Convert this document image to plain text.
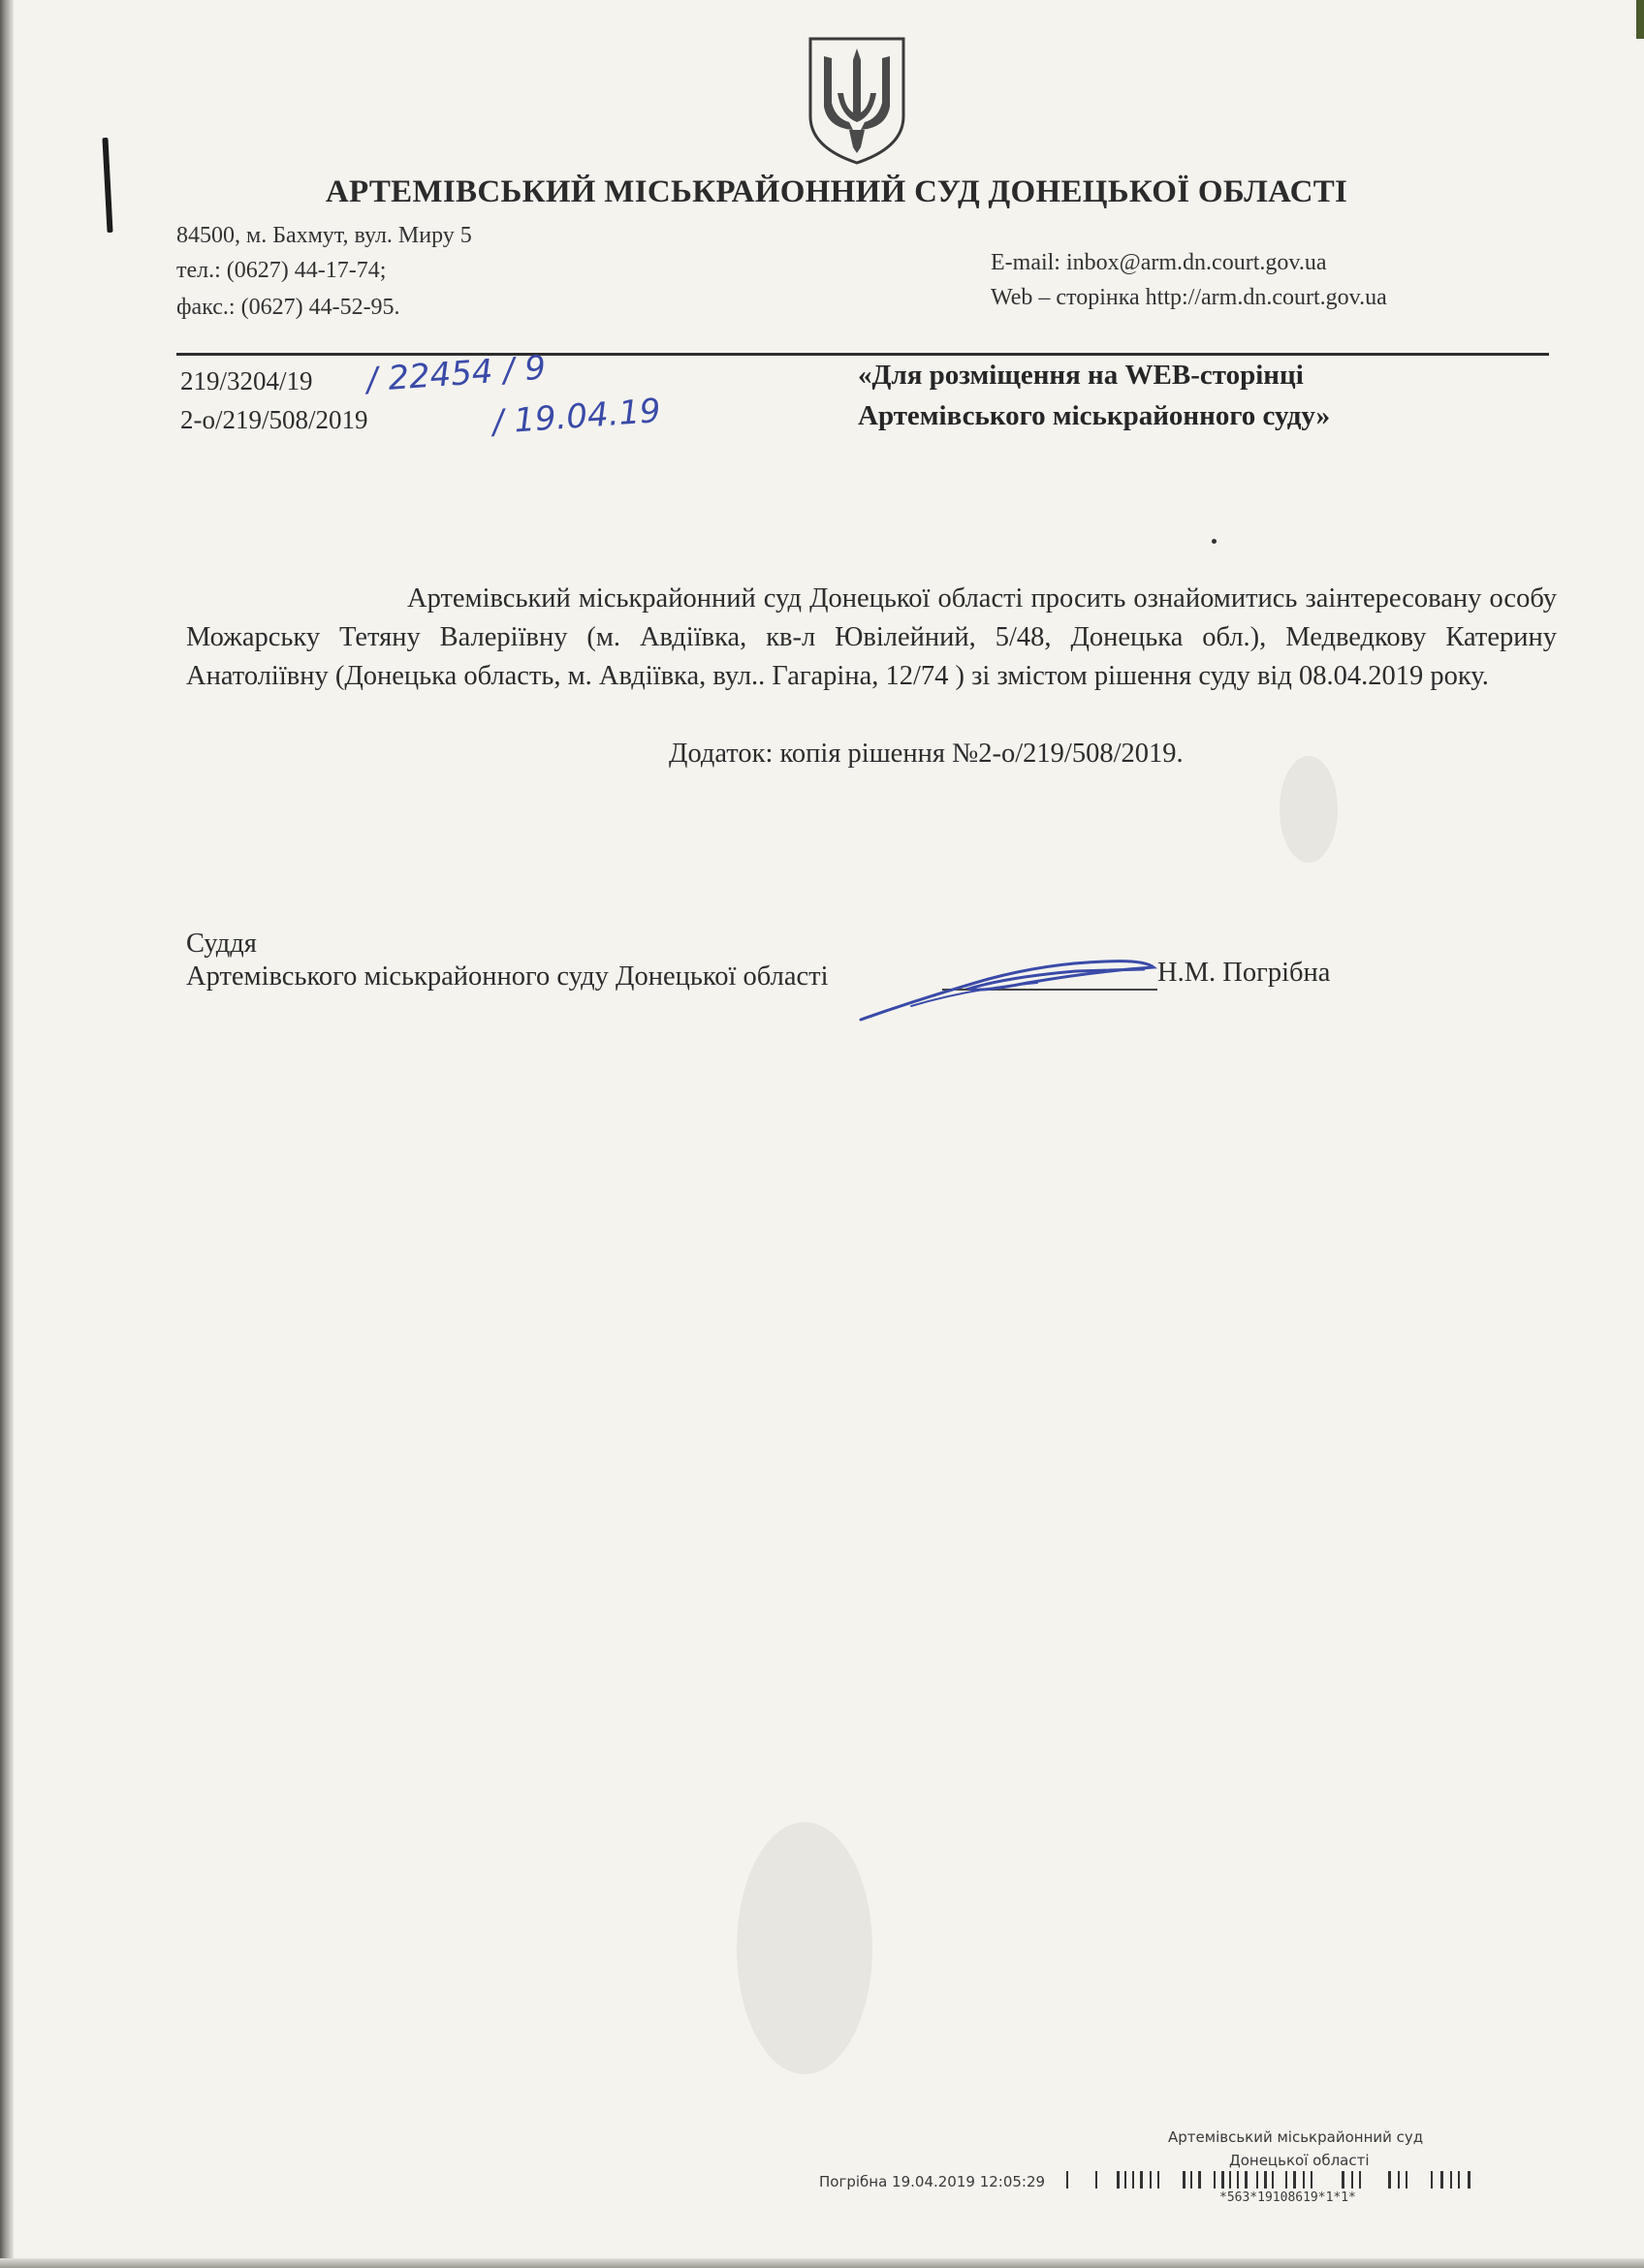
АРТЕМІВСЬКИЙ МІСЬКРАЙОННИЙ СУД ДОНЕЦЬКОЇ ОБЛАСТІ
84500, м. Бахмут, вул. Миру 5
тел.: (0627) 44-17-74;
факс.: (0627) 44-52-95.
E-mail: inbox@arm.dn.court.gov.ua
Web – сторінка http://arm.dn.court.gov.ua
219/3204/19
2-о/219/508/2019
/ 22454 / 9
/ 19.04.19
«Для розміщення на WEB-сторінці
Артемівського міськрайонного суду»
Артемівський міськрайонний суд Донецької області просить ознайомитись заінтересовану особу Можарську Тетяну Валеріївну (м. Авдіївка, кв-л Ювілейний, 5/48, Донецька обл.), Медведкову Катерину Анатоліївну (Донецька область, м. Авдіївка, вул.. Гагаріна, 12/74 ) зі змістом рішення суду від 08.04.2019 року.
Додаток: копія рішення №2-о/219/508/2019.
Суддя
Артемівського міськрайонного суду Донецької області	Н.М. Погрібна
Артемівський міськрайонний суд
Донецької області
Погрібна 19.04.2019 12:05:29
*563*19108619*1*1*
